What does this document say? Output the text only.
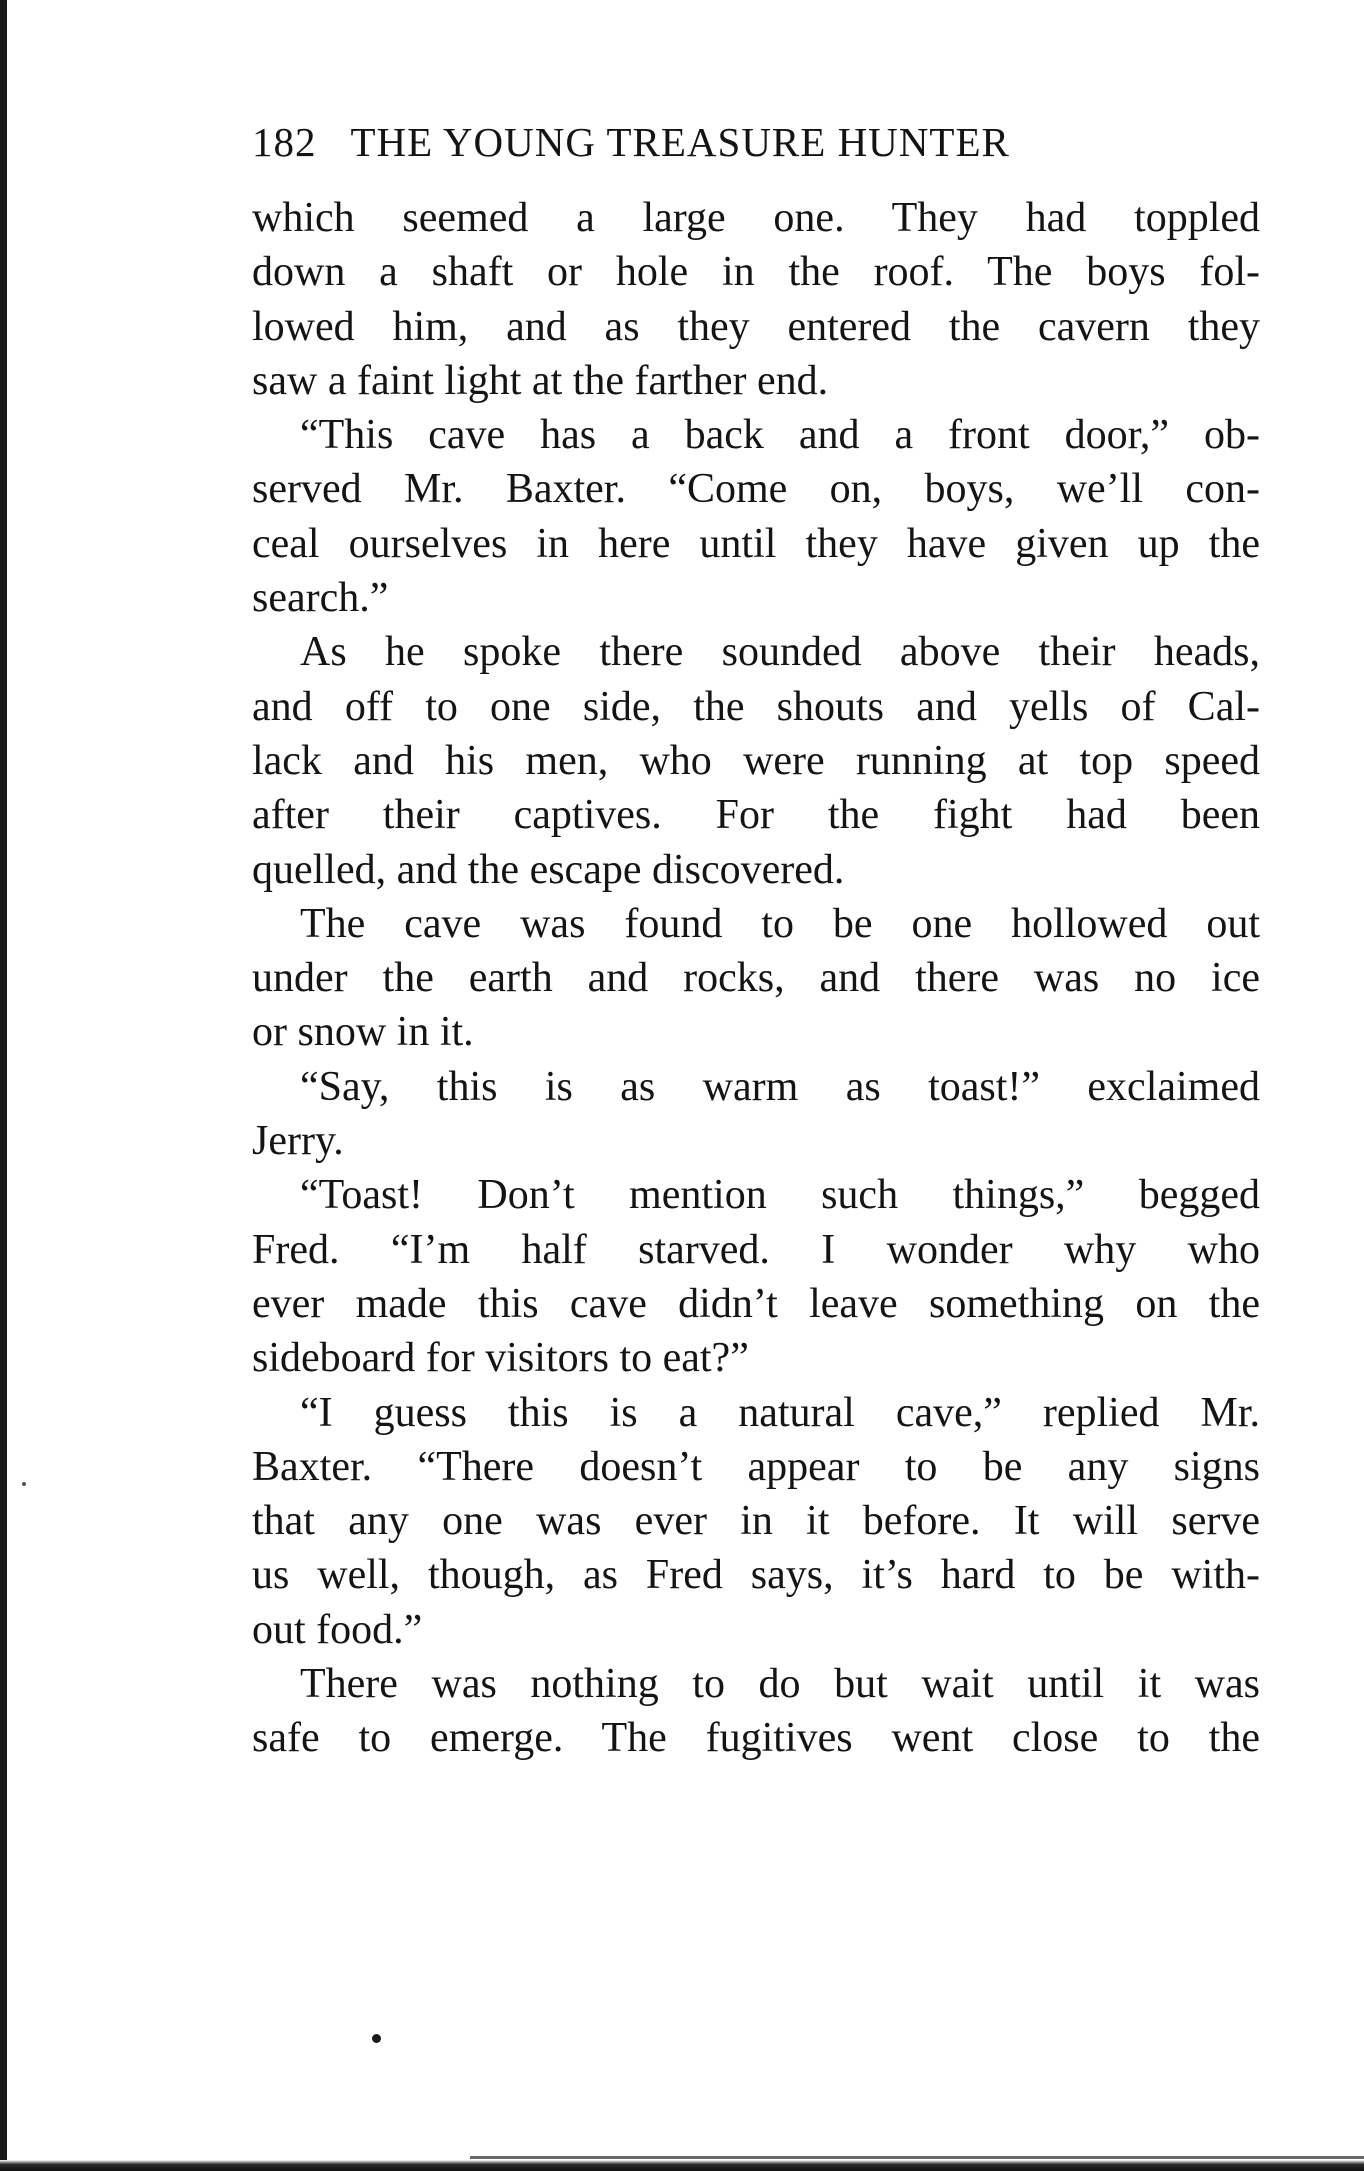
182 THE YOUNG TREASURE HUNTER
which seemed a large one. They had toppled
down a shaft or hole in the roof. The boys fol-
lowed him, and as they entered the cavern they
saw a faint light at the farther end.
“This cave has a back and a front door,” ob-
served Mr. Baxter. “Come on, boys, we’ll con-
ceal ourselves in here until they have given up the
search.”
As he spoke there sounded above their heads,
and off to one side, the shouts and yells of Cal-
lack and his men, who were running at top speed
after their captives. For the fight had been
quelled, and the escape discovered.
The cave was found to be one hollowed out
under the earth and rocks, and there was no ice
or snow in it.
“Say, this is as warm as toast!” exclaimed
Jerry.
“Toast! Don’t mention such things,” begged
Fred. “I’m half starved. I wonder why who
ever made this cave didn’t leave something on the
sideboard for visitors to eat?”
“I guess this is a natural cave,” replied Mr.
Baxter. “There doesn’t appear to be any signs
that any one was ever in it before. It will serve
us well, though, as Fred says, it’s hard to be with-
out food.”
There was nothing to do but wait until it was
safe to emerge. The fugitives went close to the
